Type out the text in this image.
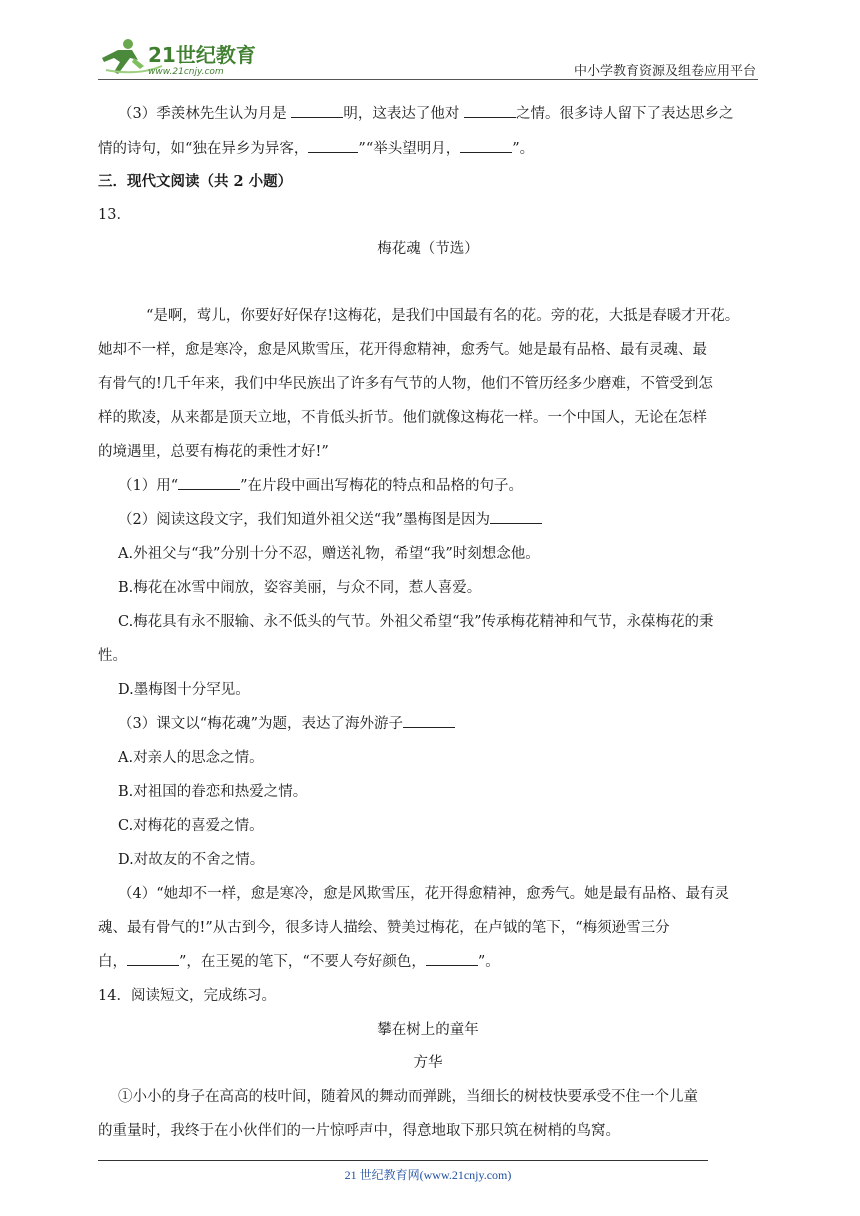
21世纪教育
www.21cnjy.com	中小学教育资源及组卷应用平台
（3）季羡林先生认为月是	明，这表达了他对	之情。很多诗人留下了表达思乡之
情的诗句，如“独在异乡为异客，	”“举头望明月，	”。
三．现代文阅读（共 2 小题）
13．
梅花魂（节选）
“是啊，莺儿，你要好好保存!这梅花，是我们中国最有名的花。旁的花，大抵是春暖才开花。
她却不一样，愈是寒冷，愈是风欺雪压，花开得愈精神，愈秀气。她是最有品格、最有灵魂、最
有骨气的!几千年来，我们中华民族出了许多有气节的人物，他们不管历经多少磨难，不管受到怎
样的欺凌，从来都是顶天立地，不肯低头折节。他们就像这梅花一样。一个中国人，无论在怎样
的境遇里，总要有梅花的秉性才好!”
（1）用“	”在片段中画出写梅花的特点和品格的句子。
（2）阅读这段文字，我们知道外祖父送“我”墨梅图是因为
A.外祖父与“我”分别十分不忍，赠送礼物，希望“我”时刻想念他。
B.梅花在冰雪中闹放，姿容美丽，与众不同，惹人喜爱。
C.梅花具有永不服输、永不低头的气节。外祖父希望“我”传承梅花精神和气节，永葆梅花的秉
性。
D.墨梅图十分罕见。
（3）课文以“梅花魂”为题，表达了海外游子
A.对亲人的思念之情。
B.对祖国的眷恋和热爱之情。
C.对梅花的喜爱之情。
D.对故友的不舍之情。
（4）“她却不一样，愈是寒冷，愈是风欺雪压，花开得愈精神，愈秀气。她是最有品格、最有灵
魂、最有骨气的!”从古到今，很多诗人描绘、赞美过梅花，在卢钺的笔下，“梅须逊雪三分
白，	”，在王冕的笔下，“不要人夸好颜色，	”。
14．阅读短文，完成练习。
攀在树上的童年
方华
①小小的身子在高高的枝叶间，随着风的舞动而弹跳，当细长的树枝快要承受不住一个儿童
的重量时，我终于在小伙伴们的一片惊呼声中，得意地取下那只筑在树梢的鸟窝。
21 世纪教育网(www.21cnjy.com)
